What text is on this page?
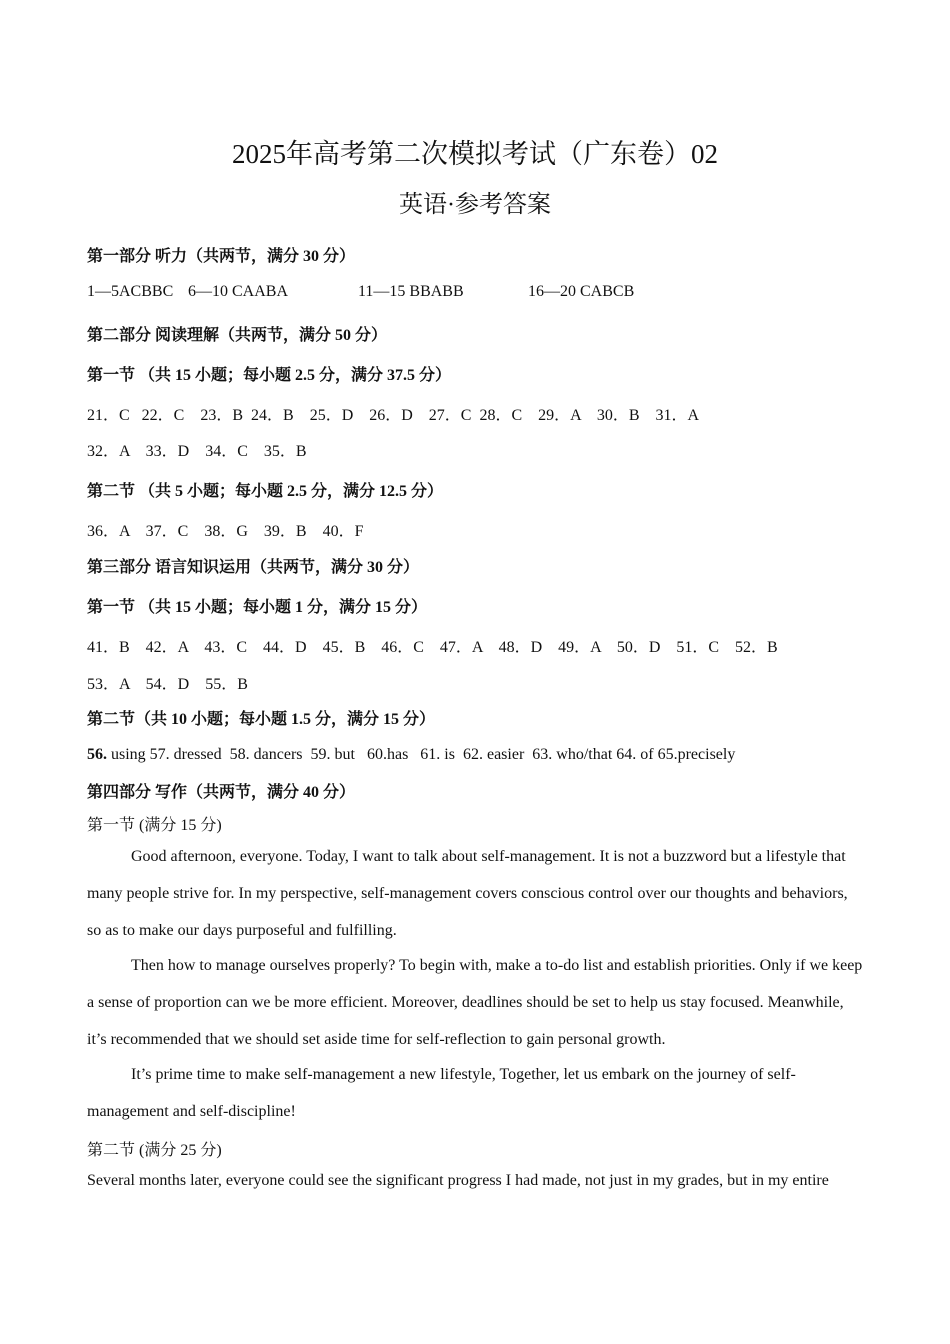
2025年高考第二次模拟考试（广东卷）02
英语·参考答案
第一部分 听力（共两节，满分 30 分）
1—5ACBBC 6—10 CAABA	11—15 BBABB	16—20 CABCB
第二部分 阅读理解（共两节，满分 50 分）
第一节 （共 15 小题；每小题 2.5 分，满分 37.5 分）
21．C   22．C    23．B  24．B    25．D    26．D    27．C  28．C    29．A    30．B    31．A
32．A    33．D    34．C    35．B
第二节 （共 5 小题；每小题 2.5 分，满分 12.5 分）
36．A    37．C    38．G    39．B    40．F
第三部分 语言知识运用（共两节，满分 30 分）
第一节 （共 15 小题；每小题 1 分，满分 15 分）
41．B    42．A    43．C    44．D    45．B    46．C    47．A    48．D    49．A    50．D    51．C    52．B
53．A    54．D    55．B
第二节（共 10 小题；每小题 1.5 分，满分 15 分）
56. using 57. dressed  58. dancers  59. but   60.has   61. is  62. easier  63. who/that 64. of 65.precisely
第四部分 写作（共两节，满分 40 分）
第一节 (满分 15 分)
Good afternoon, everyone. Today, I want to talk about self-management. It is not a buzzword but a lifestyle that many people strive for. In my perspective, self-management covers conscious control over our thoughts and behaviors, so as to make our days purposeful and fulfilling.
Then how to manage ourselves properly? To begin with, make a to-do list and establish priorities. Only if we keep a sense of proportion can we be more efficient. Moreover, deadlines should be set to help us stay focused. Meanwhile, it’s recommended that we should set aside time for self-reflection to gain personal growth.
It’s prime time to make self-management a new lifestyle, Together, let us embark on the journey of self-management and self-discipline!
第二节 (满分 25 分)
Several months later, everyone could see the significant progress I had made, not just in my grades, but in my entire
